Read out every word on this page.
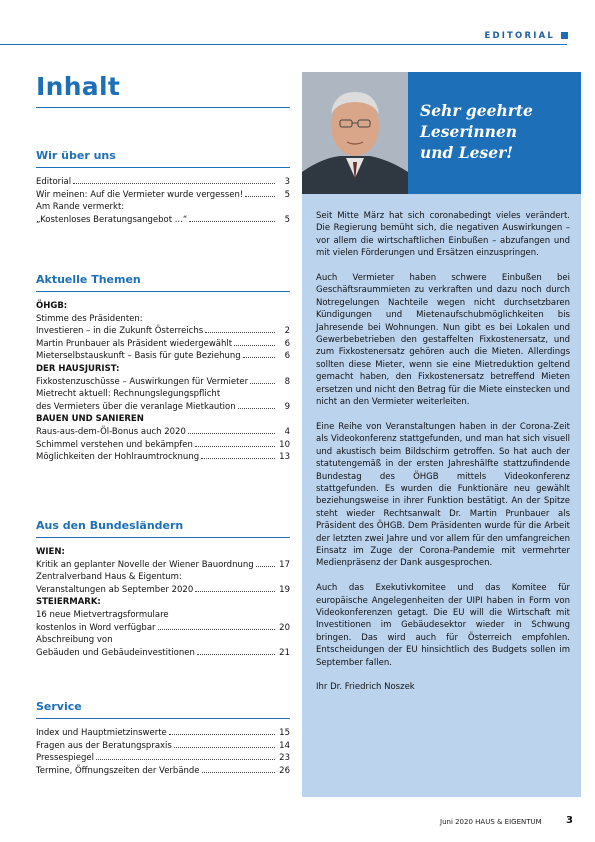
EDITORIAL
Inhalt
Wir über uns
Editorial	3
Wir meinen: Auf die Vermieter wurde vergessen!	5
Am Rande vermerkt:
„Kostenloses Beratungsangebot ...“	5
Aktuelle Themen
ÖHGB:
Stimme des Präsidenten:
Investieren – in die Zukunft Österreichs	2
Martin Prunbauer als Präsident wiedergewählt	6
Mieterselbstauskunft – Basis für gute Beziehung	6
DER HAUSJURIST:
Fixkostenzuschüsse – Auswirkungen für Vermieter	8
Mietrecht aktuell: Rechnungslegungspflicht
des Vermieters über die veranlage Mietkaution	9
BAUEN UND SANIEREN
Raus-aus-dem-Öl-Bonus auch 2020	4
Schimmel verstehen und bekämpfen	10
Möglichkeiten der Hohlraumtrocknung	13
Aus den Bundesländern
WIEN:
Kritik an geplanter Novelle der Wiener Bauordnung	17
Zentralverband Haus & Eigentum:
Veranstaltungen ab September 2020	19
STEIERMARK:
16 neue Mietvertragsformulare
kostenlos in Word verfügbar	20
Abschreibung von
Gebäuden und Gebäudeinvestitionen	21
Service
Index und Hauptmietzinswerte	15
Fragen aus der Beratungspraxis	14
Pressespiegel	23
Termine, Öffnungszeiten der Verbände	26
Sehr geehrte
Leserinnen
und Leser!

Seit Mitte März hat sich coronabedingt vieles verändert. Die Regierung bemüht sich, die negativen Auswirkungen – vor allem die wirtschaftlichen Einbußen – abzufangen und mit vielen Förderungen und Ersätzen einzuspringen.

Auch Vermieter haben schwere Einbußen bei Geschäftsraummieten zu verkraften und dazu noch durch Notregelungen Nachteile wegen nicht durchsetzbaren Kündigungen und Mietenaufschubmöglichkeiten bis Jahresende bei Wohnungen. Nun gibt es bei Lokalen und Gewerbebetrieben den gestaffelten Fixkostenersatz, und zum Fixkostenersatz gehören auch die Mieten. Allerdings sollten diese Mieter, wenn sie eine Mietreduktion geltend gemacht haben, den Fixkostenersatz betreffend Mieten ersetzen und nicht den Betrag für die Miete einstecken und nicht an den Vermieter weiterleiten.

Eine Reihe von Veranstaltungen haben in der Corona-Zeit als Videokonferenz stattgefunden, und man hat sich visuell und akustisch beim Bildschirm getroffen. So hat auch der statutengemäß in der ersten Jahreshälfte stattzufindende Bundestag des ÖHGB mittels Videokonferenz stattgefunden. Es wurden die Funktionäre neu gewählt beziehungsweise in ihrer Funktion bestätigt. An der Spitze steht wieder Rechtsanwalt Dr. Martin Prunbauer als Präsident des ÖHGB. Dem Präsidenten wurde für die Arbeit der letzten zwei Jahre und vor allem für den umfangreichen Einsatz im Zuge der Corona-Pandemie mit vermehrter Medienpräsenz der Dank ausgesprochen.

Auch das Exekutivkomitee und das Komitee für europäische Angelegenheiten der UIPI haben in Form von Videokonferenzen getagt. Die EU will die Wirtschaft mit Investitionen im Gebäudesektor wieder in Schwung bringen. Das wird auch für Österreich empfohlen. Entscheidungen der EU hinsichtlich des Budgets sollen im September fallen.

Ihr Dr. Friedrich Noszek

Juni 2020 HAUS & EIGENTUM 3
